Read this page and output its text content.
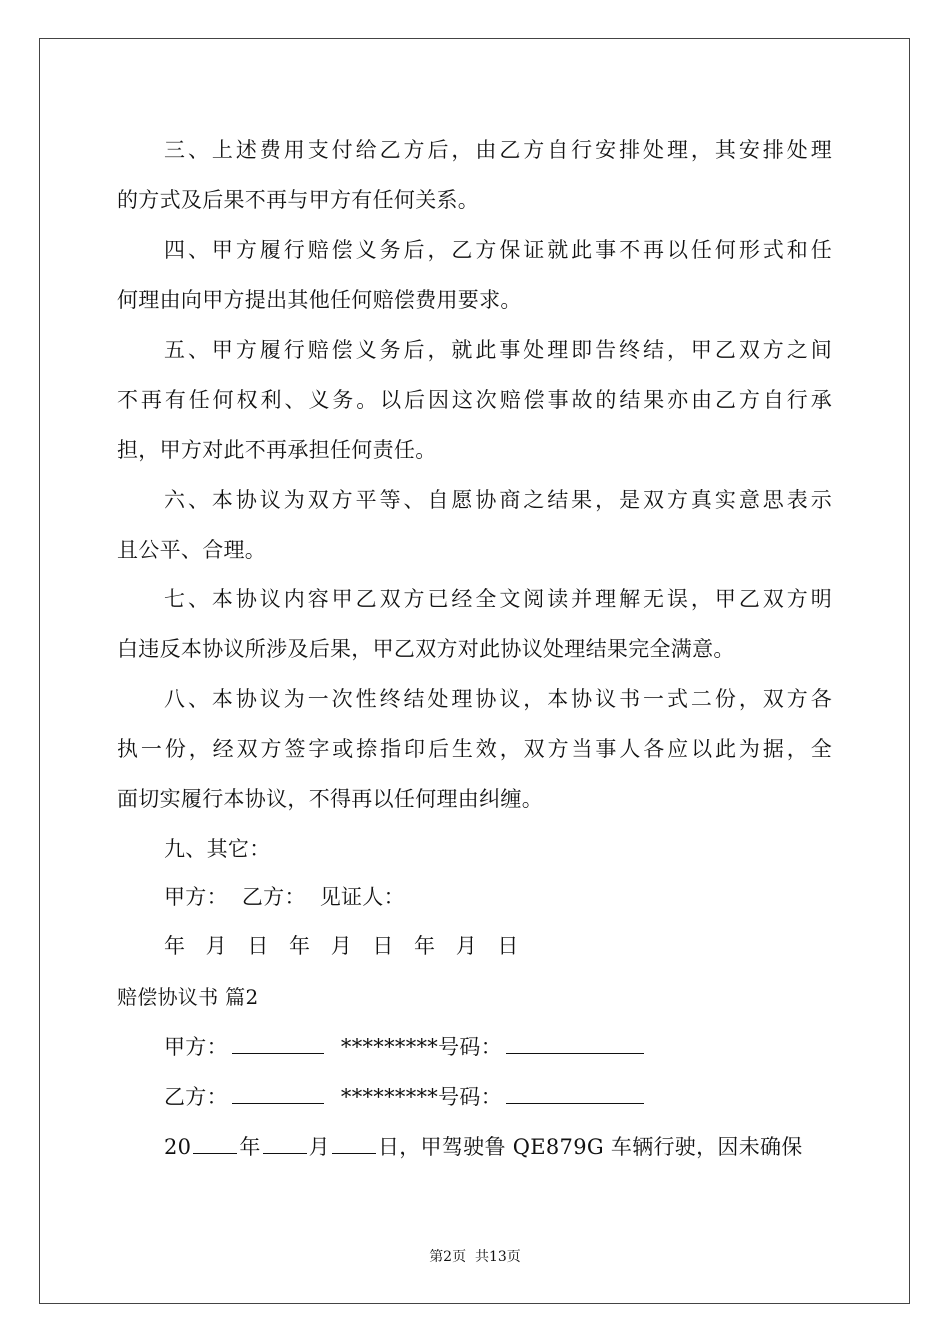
三、上述费用支付给乙方后，由乙方自行安排处理，其安排处理
的方式及后果不再与甲方有任何关系。
四、甲方履行赔偿义务后，乙方保证就此事不再以任何形式和任
何理由向甲方提出其他任何赔偿费用要求。
五、甲方履行赔偿义务后，就此事处理即告终结，甲乙双方之间
不再有任何权利、义务。以后因这次赔偿事故的结果亦由乙方自行承
担，甲方对此不再承担任何责任。
六、本协议为双方平等、自愿协商之结果，是双方真实意思表示
且公平、合理。
七、本协议内容甲乙双方已经全文阅读并理解无误，甲乙双方明
白违反本协议所涉及后果，甲乙双方对此协议处理结果完全满意。
八、本协议为一次性终结处理协议，本协议书一式二份，双方各
执一份，经双方签字或捺指印后生效，双方当事人各应以此为据，全
面切实履行本协议，不得再以任何理由纠缠。
九、其它：
甲方：  乙方：  见证人：
年 月 日 年 月 日 年 月 日
赔偿协议书 篇2
甲方：	*********号码：
乙方：	*********号码：
20 年 月 日，甲驾驶鲁 QE879G 车辆行驶，因未确保
第2页  共13页
